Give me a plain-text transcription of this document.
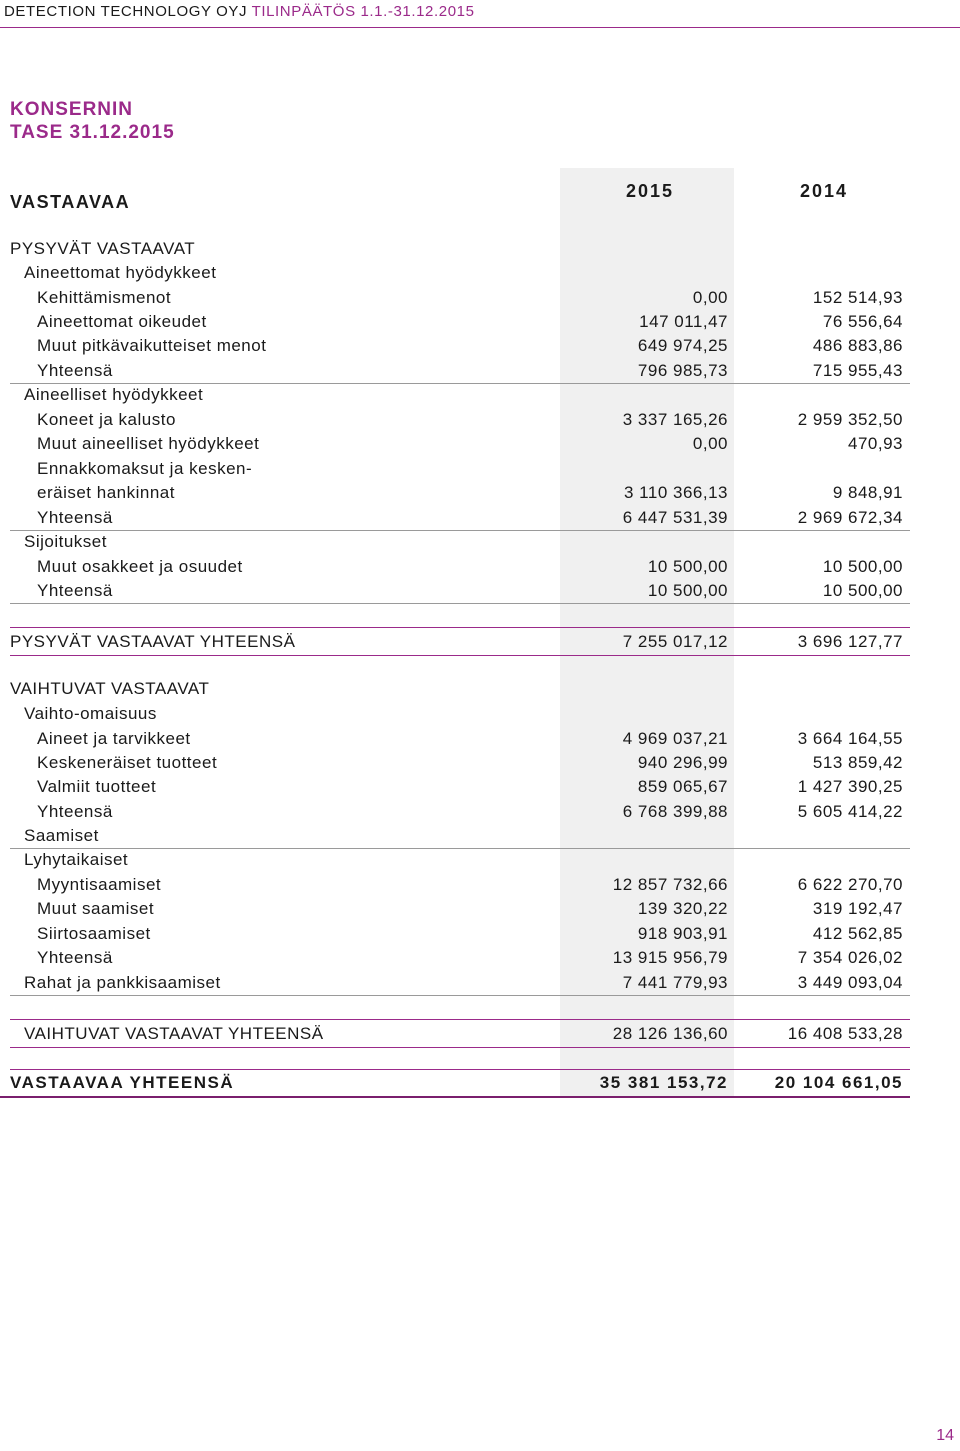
DETECTION TECHNOLOGY OYJ TILINPÄÄTÖS 1.1.-31.12.2015
KONSERNIN
TASE 31.12.2015
VASTAAVAA
2015	2014
PYSYVÄT VASTAAVAT
Aineettomat hyödykkeet
Kehittämismenot	0,00	152 514,93
Aineettomat oikeudet	147 011,47	76 556,64
Muut pitkävaikutteiset menot	649 974,25	486 883,86
Yhteensä	796 985,73	715 955,43
Aineelliset hyödykkeet
Koneet ja kalusto	3 337 165,26	2 959 352,50
Muut aineelliset hyödykkeet	0,00	470,93
Ennakkomaksut ja kesken-
eräiset hankinnat	3 110 366,13	9 848,91
Yhteensä	6 447 531,39	2 969 672,34
Sijoitukset
Muut osakkeet ja osuudet	10 500,00	10 500,00
Yhteensä	10 500,00	10 500,00
PYSYVÄT VASTAAVAT YHTEENSÄ	7 255 017,12	3 696 127,77
VAIHTUVAT VASTAAVAT
Vaihto-omaisuus
Aineet ja tarvikkeet	4 969 037,21	3 664 164,55
Keskeneräiset tuotteet	940 296,99	513 859,42
Valmiit tuotteet	859 065,67	1 427 390,25
Yhteensä	6 768 399,88	5 605 414,22
Saamiset
Lyhytaikaiset
Myyntisaamiset	12 857 732,66	6 622 270,70
Muut saamiset	139 320,22	319 192,47
Siirtosaamiset	918 903,91	412 562,85
Yhteensä	13 915 956,79	7 354 026,02
Rahat ja pankkisaamiset	7 441 779,93	3 449 093,04
VAIHTUVAT VASTAAVAT YHTEENSÄ	28 126 136,60	16 408 533,28
VASTAAVAA YHTEENSÄ	35 381 153,72	20 104 661,05
14
